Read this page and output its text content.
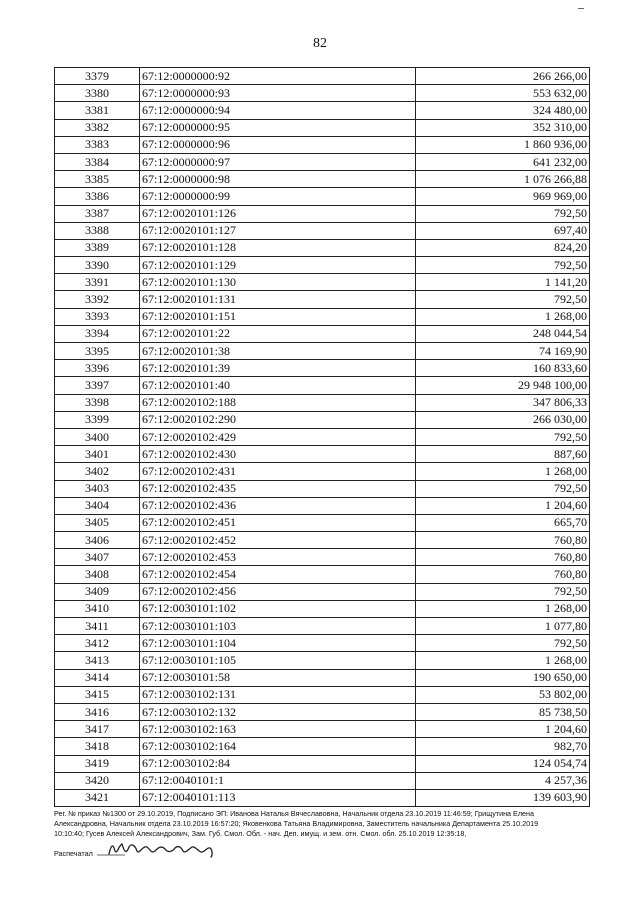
82
3379	67:12:0000000:92	266 266,00
3380	67:12:0000000:93	553 632,00
3381	67:12:0000000:94	324 480,00
3382	67:12:0000000:95	352 310,00
3383	67:12:0000000:96	1 860 936,00
3384	67:12:0000000:97	641 232,00
3385	67:12:0000000:98	1 076 266,88
3386	67:12:0000000:99	969 969,00
3387	67:12:0020101:126	792,50
3388	67:12:0020101:127	697,40
3389	67:12:0020101:128	824,20
3390	67:12:0020101:129	792,50
3391	67:12:0020101:130	1 141,20
3392	67:12:0020101:131	792,50
3393	67:12:0020101:151	1 268,00
3394	67:12:0020101:22	248 044,54
3395	67:12:0020101:38	74 169,90
3396	67:12:0020101:39	160 833,60
3397	67:12:0020101:40	29 948 100,00
3398	67:12:0020102:188	347 806,33
3399	67:12:0020102:290	266 030,00
3400	67:12:0020102:429	792,50
3401	67:12:0020102:430	887,60
3402	67:12:0020102:431	1 268,00
3403	67:12:0020102:435	792,50
3404	67:12:0020102:436	1 204,60
3405	67:12:0020102:451	665,70
3406	67:12:0020102:452	760,80
3407	67:12:0020102:453	760,80
3408	67:12:0020102:454	760,80
3409	67:12:0020102:456	792,50
3410	67:12:0030101:102	1 268,00
3411	67:12:0030101:103	1 077,80
3412	67:12:0030101:104	792,50
3413	67:12:0030101:105	1 268,00
3414	67:12:0030101:58	190 650,00
3415	67:12:0030102:131	53 802,00
3416	67:12:0030102:132	85 738,50
3417	67:12:0030102:163	1 204,60
3418	67:12:0030102:164	982,70
3419	67:12:0030102:84	124 054,74
3420	67:12:0040101:1	4 257,36
3421	67:12:0040101:113	139 603,90
Рег. № приказ №1300 от 29.10.2019, Подписано ЭП: Иванова Наталья Вячеславовна, Начальник отдела 23.10.2019 11:46:59; Грищутина Елена
Александровна, Начальник отдела 23.10.2019 16:57:20; Яковенкова Татьяна Владимировна, Заместитель начальника Департамента 25.10.2019
10:10:40; Гусев Алексей Александрович, Зам. Губ. Смол. Обл. - нач. Деп. имущ. и зем. отн. Смол. обл. 25.10.2019 12:35:18,
Распечатал
